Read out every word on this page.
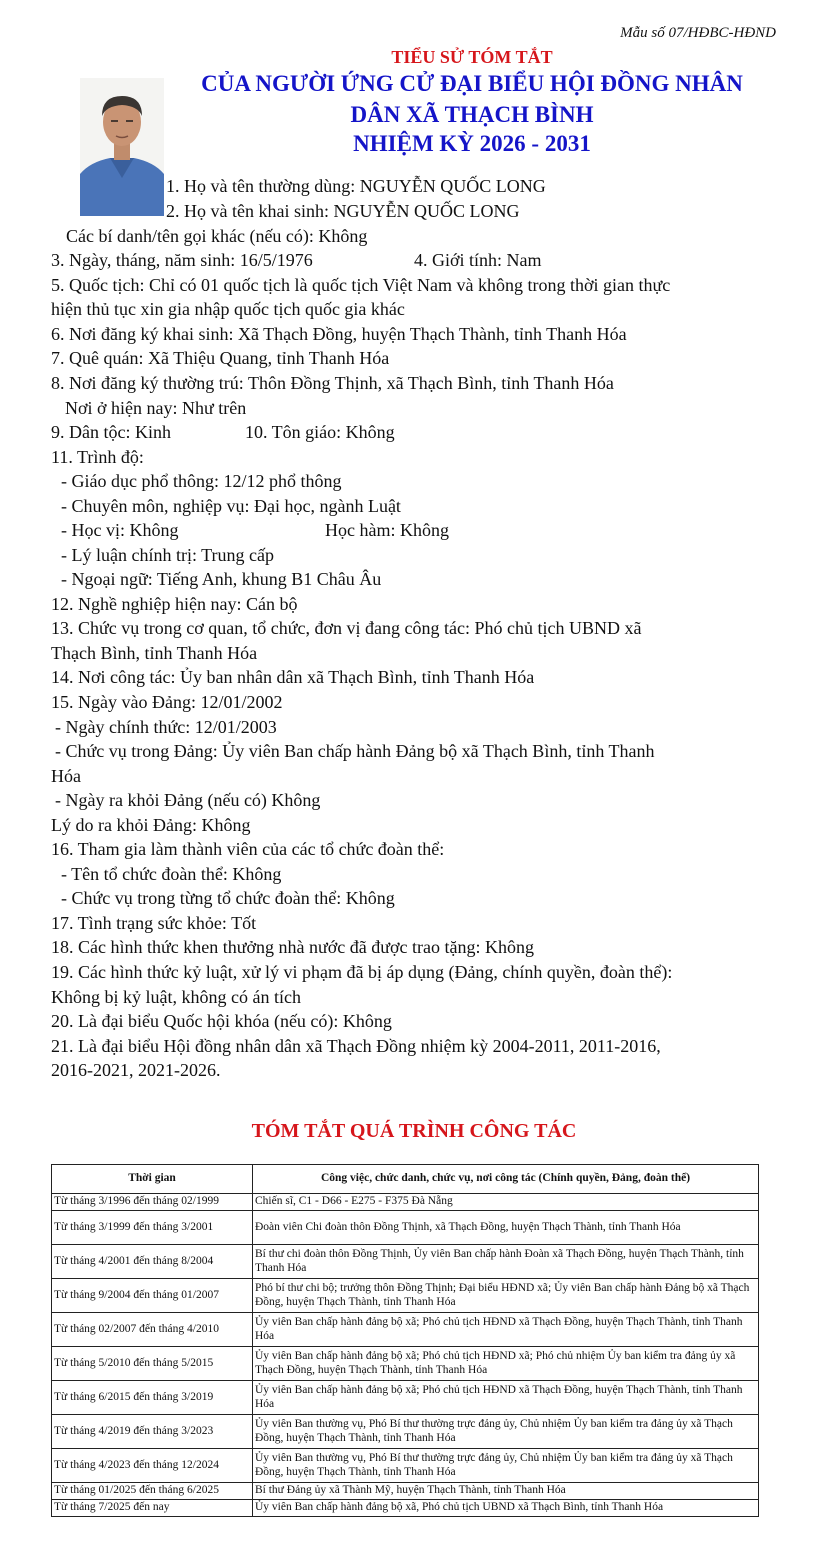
Mẫu số 07/HĐBC-HĐND
TIỂU SỬ TÓM TẮT
CỦA NGƯỜI ỨNG CỬ ĐẠI BIỂU HỘI ĐỒNG NHÂN
DÂN XÃ THẠCH BÌNH
NHIỆM KỲ 2026 - 2031
1. Họ và tên thường dùng: NGUYỄN QUỐC LONG
2. Họ và tên khai sinh: NGUYỄN QUỐC LONG
Các bí danh/tên gọi khác (nếu có): Không
3. Ngày, tháng, năm sinh: 16/5/1976	4. Giới tính: Nam
5. Quốc tịch: Chỉ có 01 quốc tịch là quốc tịch Việt Nam và không trong thời gian thực
hiện thủ tục xin gia nhập quốc tịch quốc gia khác
6. Nơi đăng ký khai sinh: Xã Thạch Đồng, huyện Thạch Thành, tỉnh Thanh Hóa
7. Quê quán: Xã Thiệu Quang, tỉnh Thanh Hóa
8. Nơi đăng ký thường trú: Thôn Đồng Thịnh, xã Thạch Bình, tỉnh Thanh Hóa
Nơi ở hiện nay: Như trên
9. Dân tộc: Kinh	10. Tôn giáo: Không
11. Trình độ:
- Giáo dục phổ thông: 12/12 phổ thông
- Chuyên môn, nghiệp vụ: Đại học, ngành Luật
- Học vị: Không	Học hàm: Không
- Lý luận chính trị: Trung cấp
- Ngoại ngữ: Tiếng Anh, khung B1 Châu Âu
12. Nghề nghiệp hiện nay: Cán bộ
13. Chức vụ trong cơ quan, tổ chức, đơn vị đang công tác: Phó chủ tịch UBND xã
Thạch Bình, tỉnh Thanh Hóa
14. Nơi công tác: Ủy ban nhân dân xã Thạch Bình, tỉnh Thanh Hóa
15. Ngày vào Đảng: 12/01/2002
- Ngày chính thức: 12/01/2003
- Chức vụ trong Đảng: Ủy viên Ban chấp hành Đảng bộ xã Thạch Bình, tỉnh Thanh
Hóa
- Ngày ra khỏi Đảng (nếu có) Không
Lý do ra khỏi Đảng: Không
16. Tham gia làm thành viên của các tổ chức đoàn thể:
- Tên tổ chức đoàn thể: Không
- Chức vụ trong từng tổ chức đoàn thể: Không
17. Tình trạng sức khỏe: Tốt
18. Các hình thức khen thưởng nhà nước đã được trao tặng: Không
19. Các hình thức kỷ luật, xử lý vi phạm đã bị áp dụng (Đảng, chính quyền, đoàn thể):
Không bị kỷ luật, không có án tích
20. Là đại biểu Quốc hội khóa (nếu có): Không
21. Là đại biểu Hội đồng nhân dân xã Thạch Đồng nhiệm kỳ 2004-2011, 2011-2016,
2016-2021, 2021-2026.
TÓM TẮT QUÁ TRÌNH CÔNG TÁC
Thời gian	Công việc, chức danh, chức vụ, nơi công tác (Chính quyền, Đảng, đoàn thể)
Từ tháng 3/1996 đến tháng 02/1999	Chiến sĩ, C1 - D66 - E275 - F375 Đà Nẵng
Từ tháng 3/1999 đến tháng 3/2001	Đoàn viên Chi đoàn thôn Đồng Thịnh, xã Thạch Đồng, huyện Thạch Thành, tỉnh Thanh Hóa
Từ tháng 4/2001 đến tháng 8/2004	Bí thư chi đoàn thôn Đồng Thịnh, Ủy viên Ban chấp hành Đoàn xã Thạch Đồng, huyện Thạch Thành, tỉnh Thanh Hóa
Từ tháng 9/2004 đến tháng 01/2007	Phó bí thư chi bộ; trưởng thôn Đồng Thịnh; Đại biểu HĐND xã; Ủy viên Ban chấp hành Đảng bộ xã Thạch Đồng, huyện Thạch Thành, tỉnh Thanh Hóa
Từ tháng 02/2007 đến tháng 4/2010	Ủy viên Ban chấp hành đảng bộ xã; Phó chủ tịch HĐND xã Thạch Đồng, huyện Thạch Thành, tỉnh Thanh Hóa
Từ tháng 5/2010 đến tháng 5/2015	Ủy viên Ban chấp hành đảng bộ xã; Phó chủ tịch HĐND xã; Phó chủ nhiệm Ủy ban kiểm tra đảng ủy xã Thạch Đồng, huyện Thạch Thành, tỉnh Thanh Hóa
Từ tháng 6/2015 đến tháng 3/2019	Ủy viên Ban chấp hành đảng bộ xã; Phó chủ tịch HĐND xã Thạch Đồng, huyện Thạch Thành, tỉnh Thanh Hóa
Từ tháng 4/2019 đến tháng 3/2023	Ủy viên Ban thường vụ, Phó Bí thư thường trực đảng ủy, Chủ nhiệm Ủy ban kiểm tra đảng ủy xã Thạch Đồng, huyện Thạch Thành, tỉnh Thanh Hóa
Từ tháng 4/2023 đến tháng 12/2024	Ủy viên Ban thường vụ, Phó Bí thư thường trực đảng ủy, Chủ nhiệm Ủy ban kiểm tra đảng ủy xã Thạch Đồng, huyện Thạch Thành, tỉnh Thanh Hóa
Từ tháng 01/2025 đến tháng 6/2025	Bí thư Đảng ủy xã Thành Mỹ, huyện Thạch Thành, tỉnh Thanh Hóa
Từ tháng 7/2025 đến nay	Ủy viên Ban chấp hành đảng bộ xã, Phó chủ tịch UBND xã Thạch Bình, tỉnh Thanh Hóa
